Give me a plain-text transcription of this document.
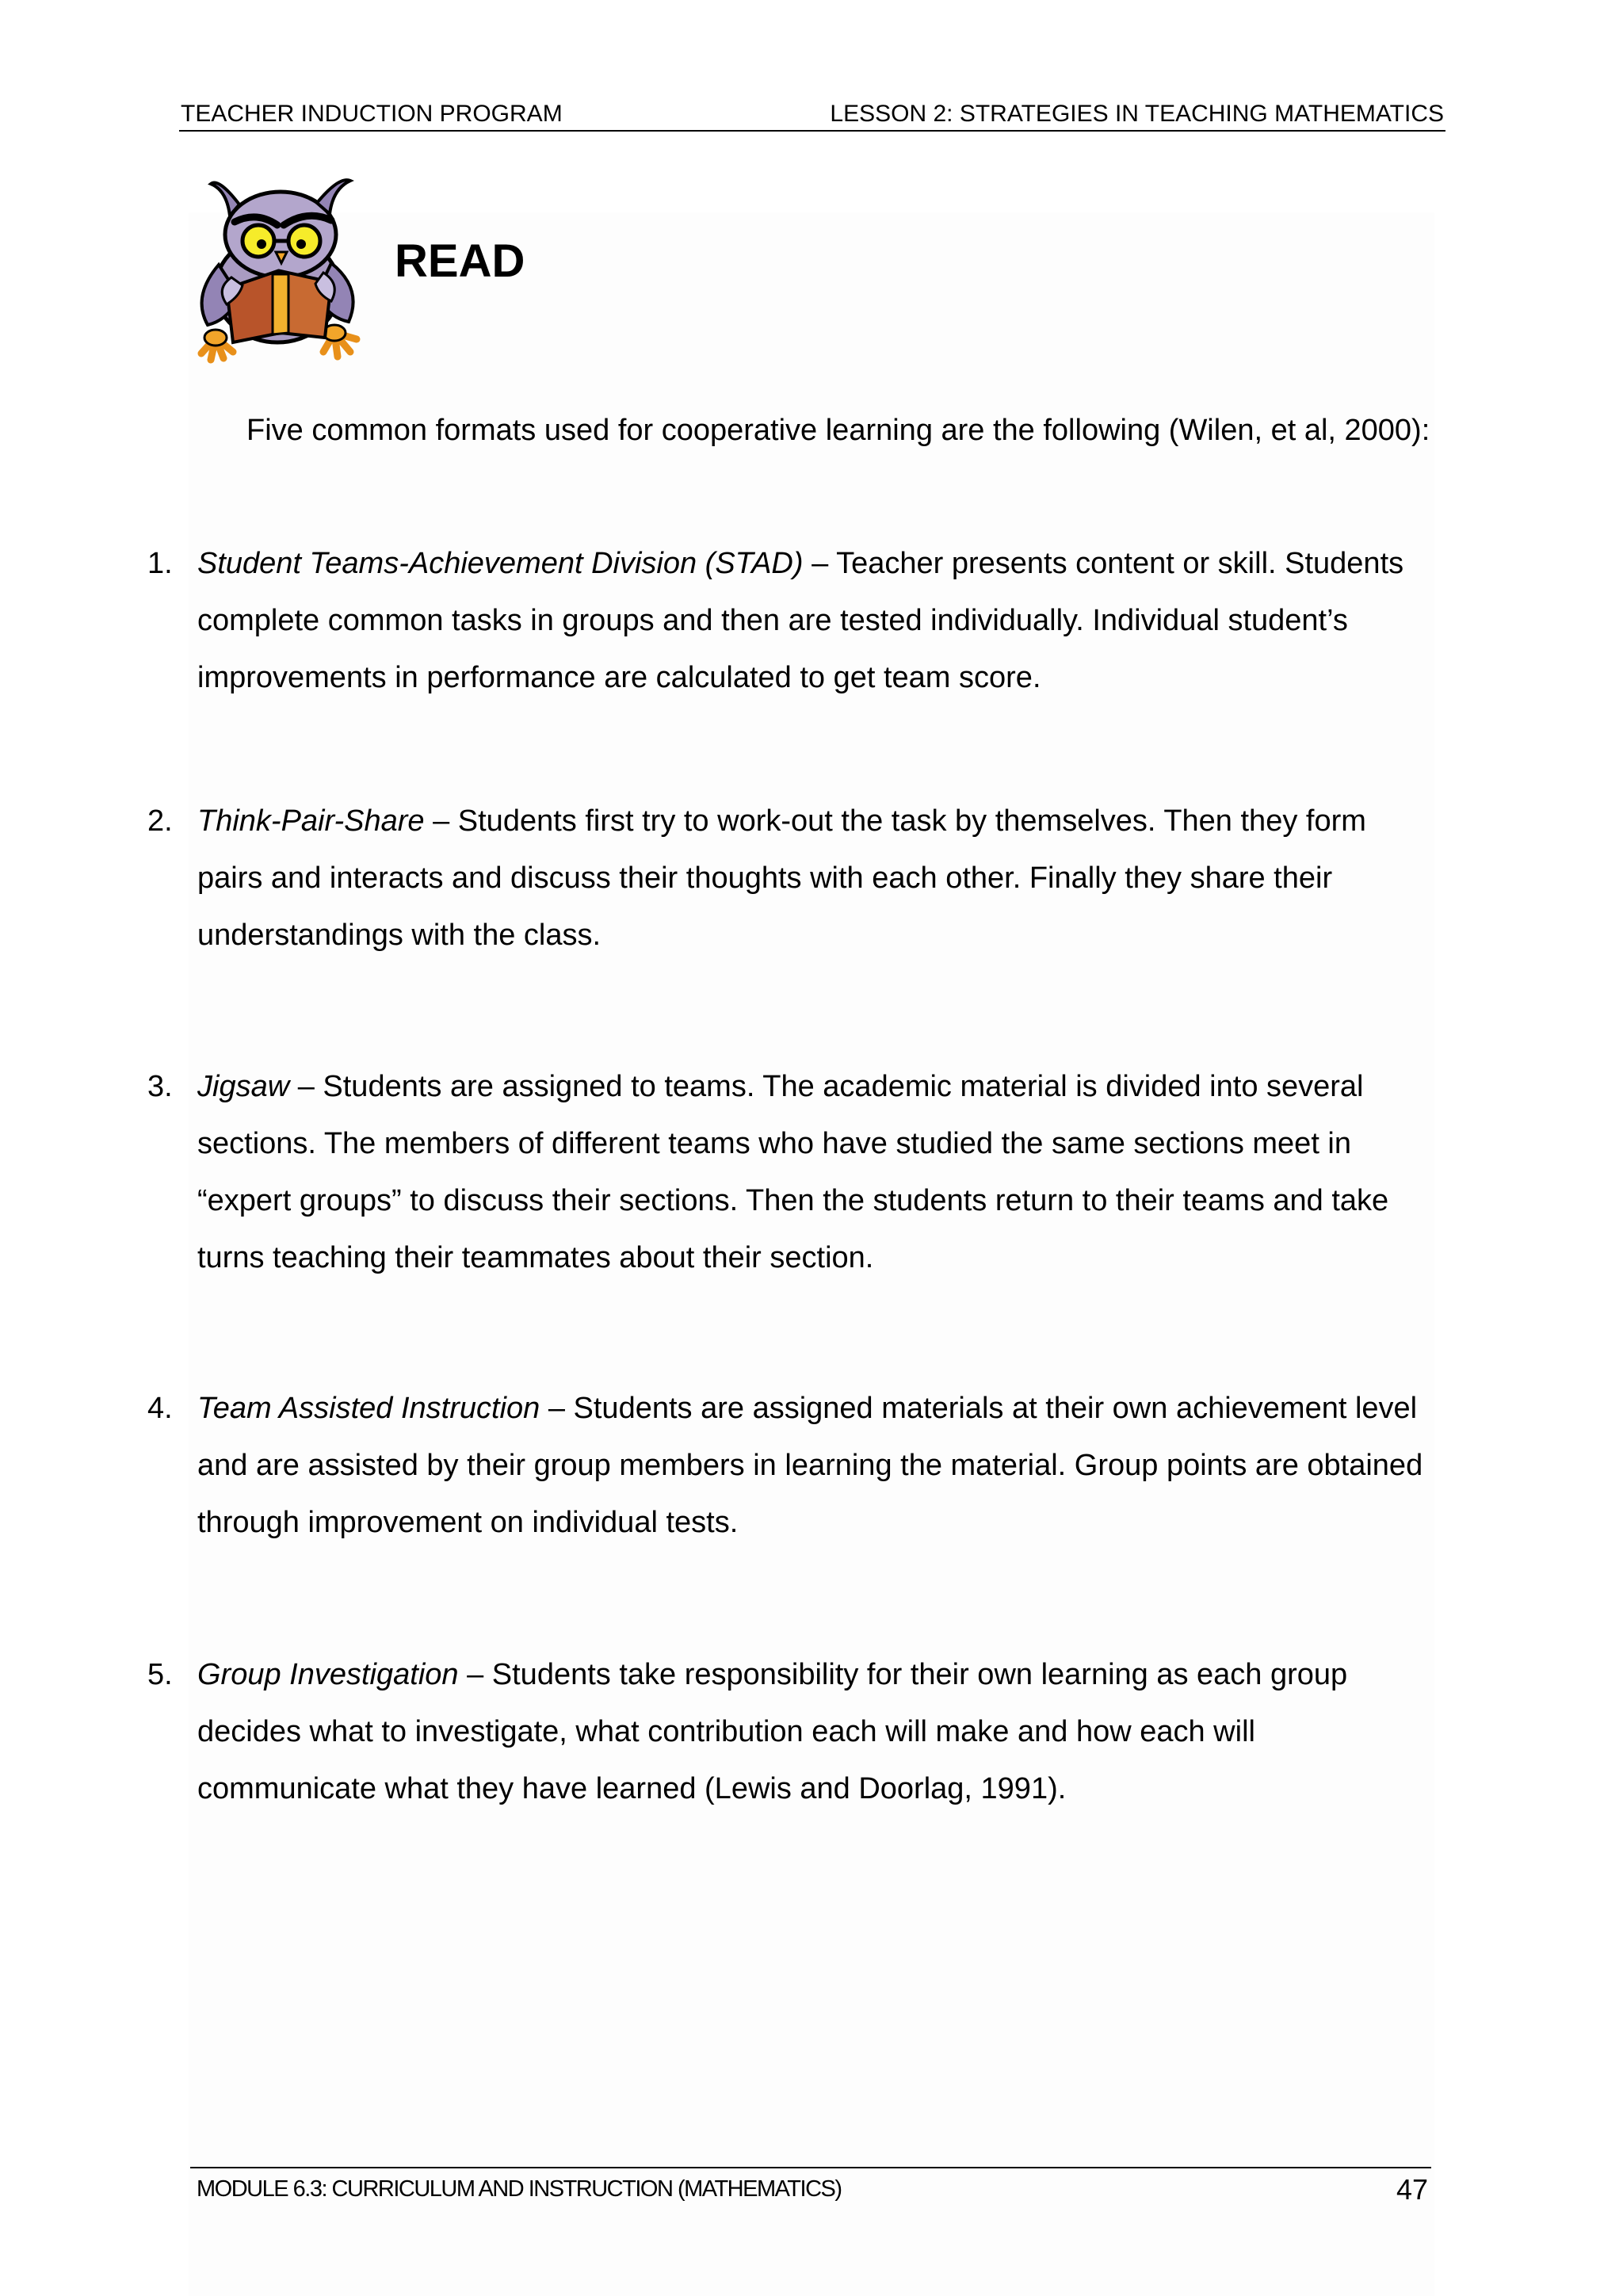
TEACHER INDUCTION PROGRAM	LESSON 2: STRATEGIES IN TEACHING MATHEMATICS
READ

Five common formats used for cooperative learning are the following (Wilen, et al, 2000):

1. Student Teams-Achievement Division (STAD) – Teacher presents content or skill. Students complete common tasks in groups and then are tested individually. Individual student’s improvements in performance are calculated to get team score.
2. Think-Pair-Share – Students first try to work-out the task by themselves. Then they form pairs and interacts and discuss their thoughts with each other. Finally they share their understandings with the class.
3. Jigsaw – Students are assigned to teams. The academic material is divided into several sections. The members of different teams who have studied the same sections meet in “expert groups” to discuss their sections. Then the students return to their teams and take turns teaching their teammates about their section.
4. Team Assisted Instruction – Students are assigned materials at their own achievement level and are assisted by their group members in learning the material. Group points are obtained through improvement on individual tests.
5. Group Investigation – Students take responsibility for their own learning as each group decides what to investigate, what contribution each will make and how each will communicate what they have learned (Lewis and Doorlag, 1991).
MODULE 6.3: CURRICULUM AND INSTRUCTION (MATHEMATICS)	47
